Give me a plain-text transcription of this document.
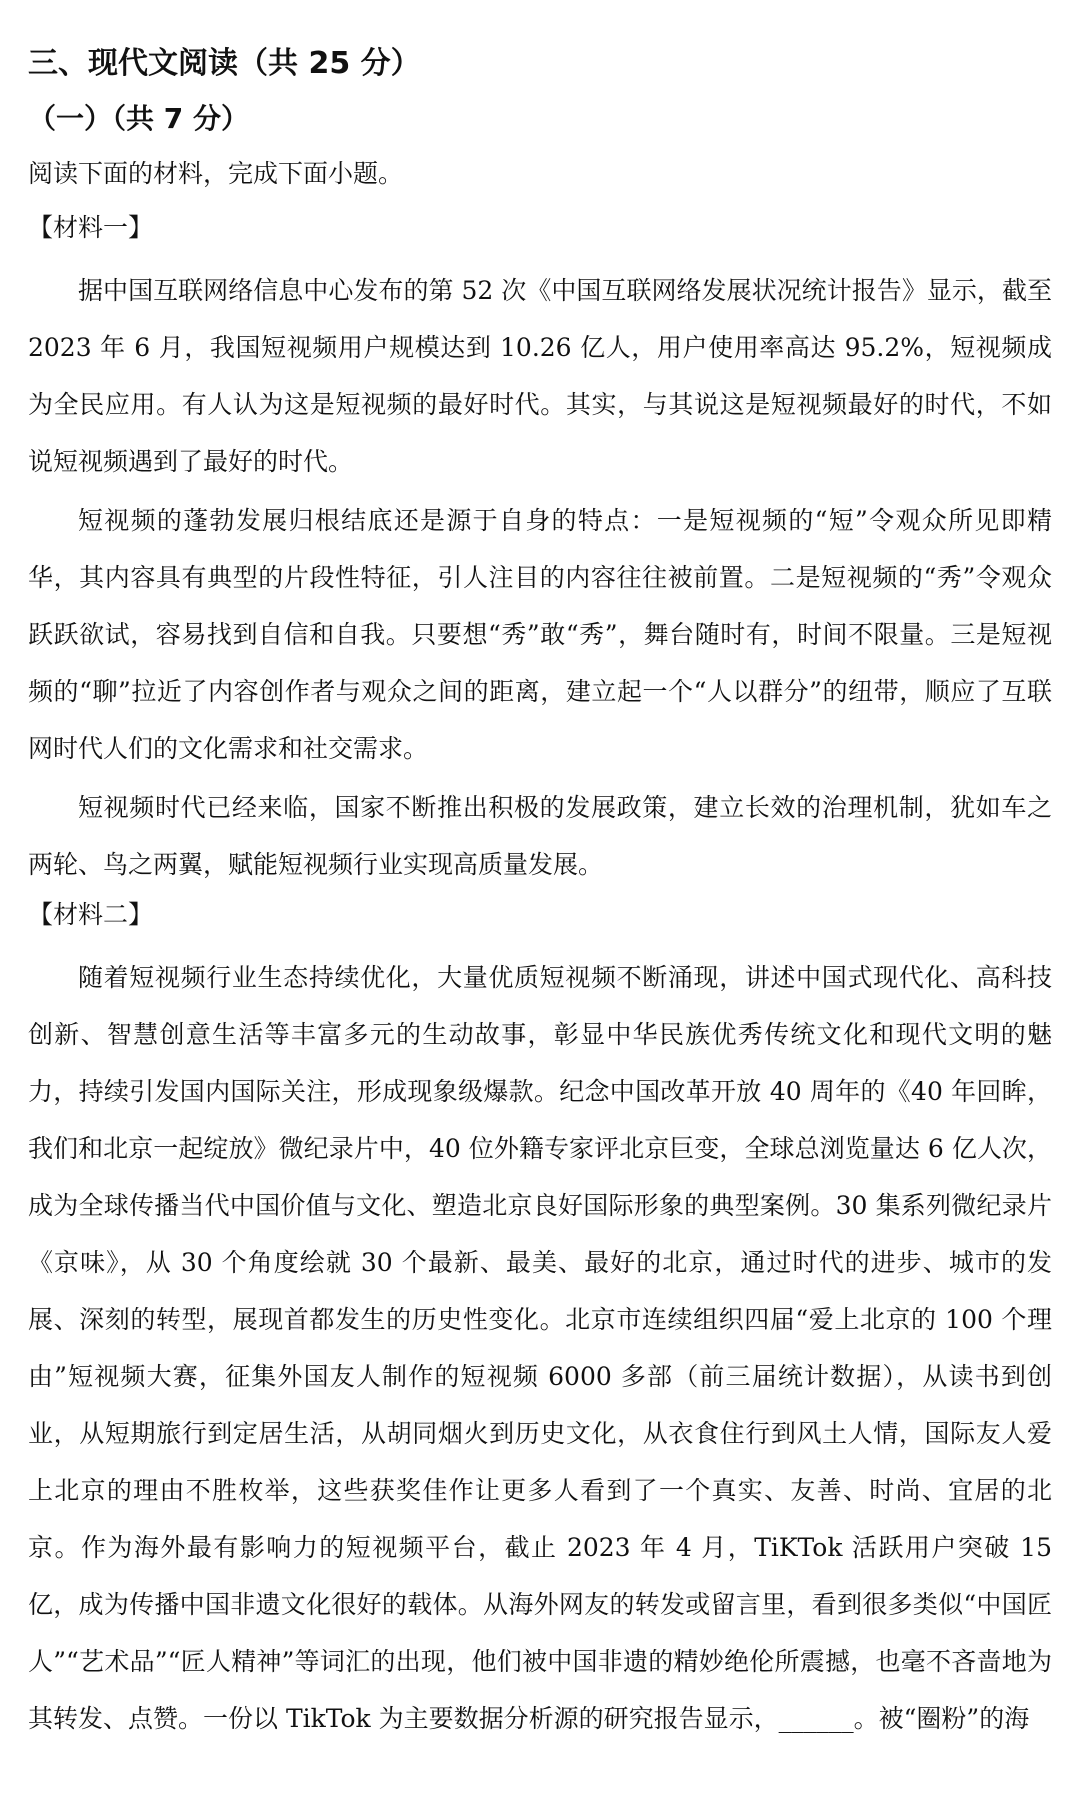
三、现代文阅读（共 25 分）
（一）（共 7 分）
阅读下面的材料，完成下面小题。
【材料一】

据中国互联网络信息中心发布的第 52 次《中国互联网络发展状况统计报告》显示，截至 2023 年 6 月，我国短视频用户规模达到 10.26 亿人，用户使用率高达 95.2%，短视频成为全民应用。有人认为这是短视频的最好时代。其实，与其说这是短视频最好的时代，不如说短视频遇到了最好的时代。

短视频的蓬勃发展归根结底还是源于自身的特点：一是短视频的“短”令观众所见即精华，其内容具有典型的片段性特征，引人注目的内容往往被前置。二是短视频的“秀”令观众跃跃欲试，容易找到自信和自我。只要想“秀”敢“秀”，舞台随时有，时间不限量。三是短视频的“聊”拉近了内容创作者与观众之间的距离，建立起一个“人以群分”的纽带，顺应了互联网时代人们的文化需求和社交需求。

短视频时代已经来临，国家不断推出积极的发展政策，建立长效的治理机制，犹如车之两轮、鸟之两翼，赋能短视频行业实现高质量发展。

【材料二】

随着短视频行业生态持续优化，大量优质短视频不断涌现，讲述中国式现代化、高科技创新、智慧创意生活等丰富多元的生动故事，彰显中华民族优秀传统文化和现代文明的魅力，持续引发国内国际关注，形成现象级爆款。纪念中国改革开放 40 周年的《40 年回眸，我们和北京一起绽放》微纪录片中，40 位外籍专家评北京巨变，全球总浏览量达 6 亿人次，成为全球传播当代中国价值与文化、塑造北京良好国际形象的典型案例。30 集系列微纪录片《京味》，从 30 个角度绘就 30 个最新、最美、最好的北京，通过时代的进步、城市的发展、深刻的转型，展现首都发生的历史性变化。北京市连续组织四届“爱上北京的 100 个理由”短视频大赛，征集外国友人制作的短视频 6000 多部（前三届统计数据），从读书到创业，从短期旅行到定居生活，从胡同烟火到历史文化，从衣食住行到风土人情，国际友人爱上北京的理由不胜枚举，这些获奖佳作让更多人看到了一个真实、友善、时尚、宜居的北京。作为海外最有影响力的短视频平台，截止 2023 年 4 月，TiKTok 活跃用户突破 15 亿，成为传播中国非遗文化很好的载体。从海外网友的转发或留言里，看到很多类似“中国匠人”“艺术品”“匠人精神”等词汇的出现，他们被中国非遗的精妙绝伦所震撼，也毫不吝啬地为其转发、点赞。一份以 TikTok 为主要数据分析源的研究报告显示，______。被“圈粉”的海
